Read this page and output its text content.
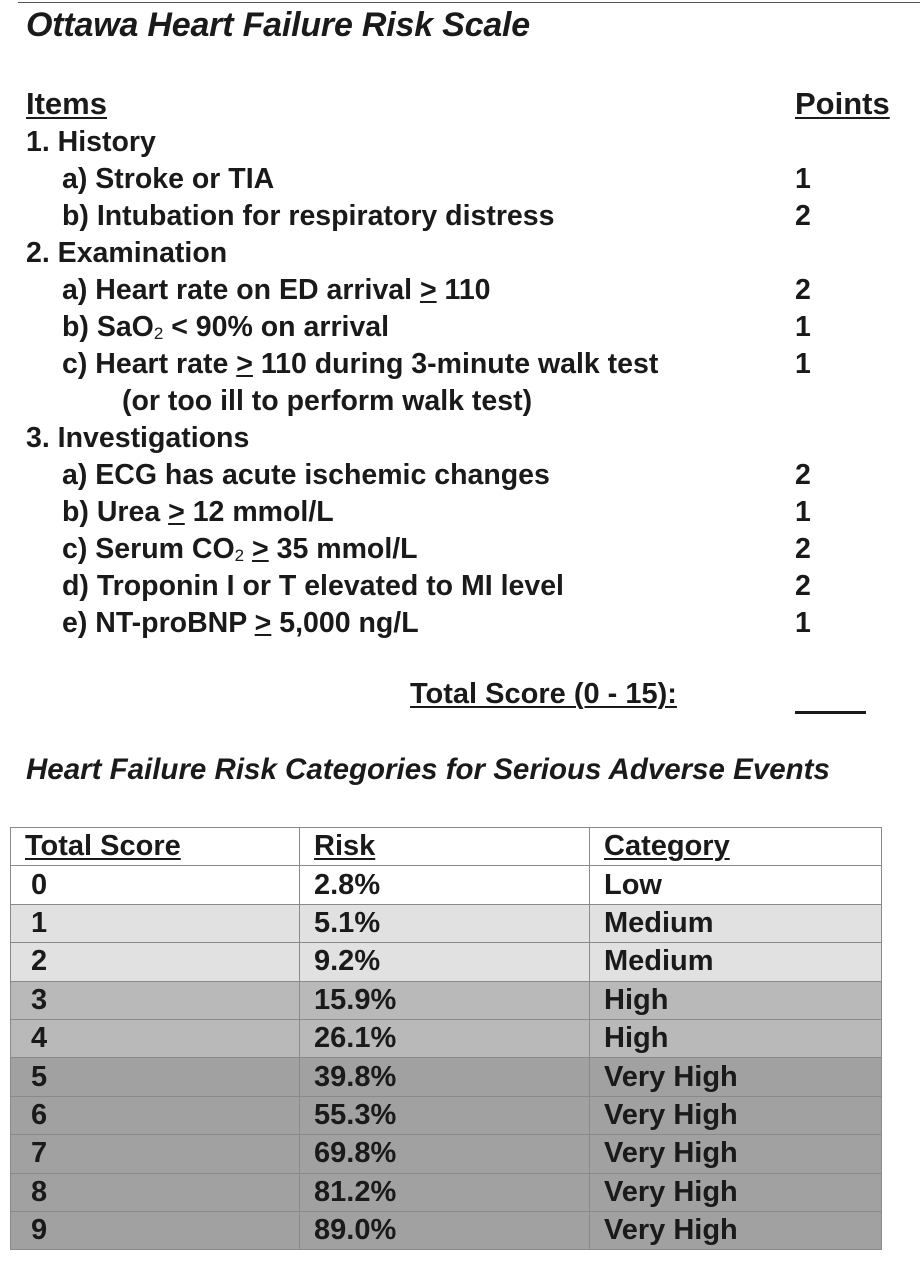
Ottawa Heart Failure Risk Scale
Items	Points
1. History
a) Stroke or TIA	1
b) Intubation for respiratory distress	2
2. Examination
a) Heart rate on ED arrival > 110	2
b) SaO$_2$ < 90% on arrival	1
c) Heart rate ≥ 110 during 3-minute walk test	1
(or too ill to perform walk test)
3. Investigations
a) ECG has acute ischemic changes	2
b) Urea ≥ 12 mmol/L	1
c) Serum $CO_2 \ge 35$ mmol/L	2
d) Troponin I or T elevated to MI level	2
e) NT-proBNP ≥ 5,000 ng/L	1
Total Score (0 - 15):
Heart Failure Risk Categories for Serious Adverse Events
Total Score	Risk	Category
0	2.8%	Low
1	5.1%	Medium
2	9.2%	Medium
3	15.9%	High
4	26.1%	High
5	39.8%	Very High
6	55.3%	Very High
7	69.8%	Very High
8	81.2%	Very High
9	89.0%	Very High
